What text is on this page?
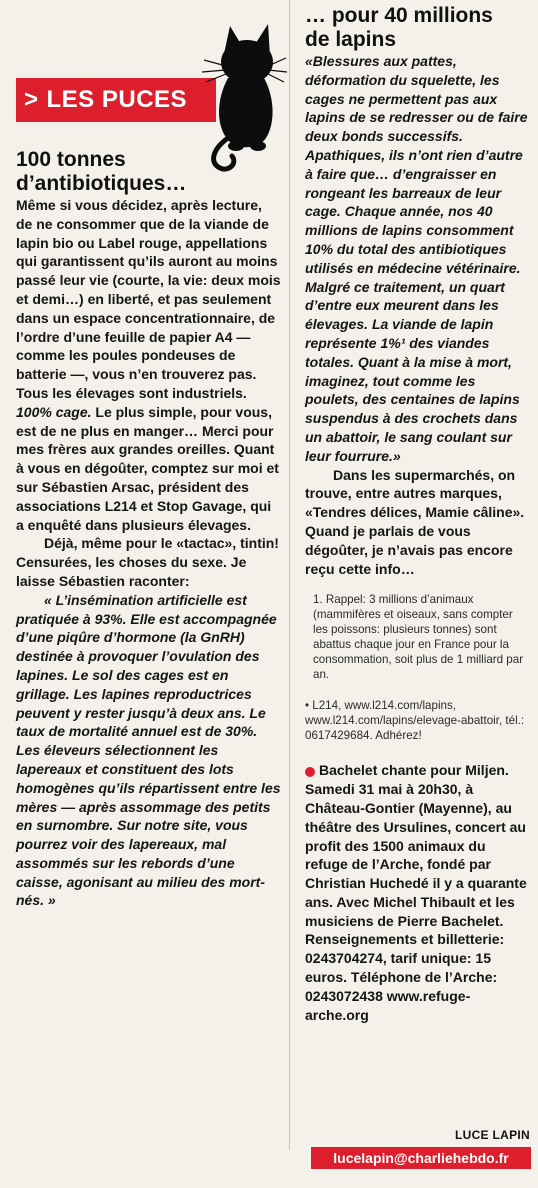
> LES PUCES
100 tonnes
d’antibiotiques…

Même si vous décidez, après lecture, de ne consommer que de la viande de lapin bio ou Label rouge, appellations qui garantissent qu’ils auront au moins passé leur vie (courte, la vie: deux mois et demi…) en liberté, et pas seulement dans un espace concentrationnaire, de l’ordre d’une feuille de papier A4 — comme les poules pondeuses de batterie —, vous n’en trouverez pas. Tous les élevages sont industriels. 100% cage. Le plus simple, pour vous, est de ne plus en manger… Merci pour mes frères aux grandes oreilles. Quant à vous en dégoûter, comptez sur moi et sur Sébastien Arsac, président des associations L214 et Stop Gavage, qui a enquêté dans plusieurs élevages.

Déjà, même pour le «tactac», tintin! Censurées, les choses du sexe. Je laisse Sébastien raconter:

« L’insémination artificielle est pratiquée à 93%. Elle est accompagnée d’une piqûre d’hormone (la GnRH) destinée à provoquer l’ovulation des lapines. Le sol des cages est en grillage. Les lapines reproductrices peuvent y rester jusqu’à deux ans. Le taux de mortalité annuel est de 30%. Les éleveurs sélectionnent les lapereaux et constituent des lots homogènes qu’ils répartissent entre les mères — après assommage des petits en surnombre. Sur notre site, vous pourrez voir des lapereaux, mal assommés sur les rebords d’une caisse, agonisant au milieu des mort-nés. »

… pour 40 millions
de lapins

«Blessures aux pattes, déformation du squelette, les cages ne permettent pas aux lapins de se redresser ou de faire deux bonds successifs. Apathiques, ils n’ont rien d’autre à faire que… d’engraisser en rongeant les barreaux de leur cage. Chaque année, nos 40 millions de lapins consomment 10% du total des antibiotiques utilisés en médecine vétérinaire. Malgré ce traitement, un quart d’entre eux meurent dans les élevages. La viande de lapin représente 1%¹ des viandes totales. Quant à la mise à mort, imaginez, tout comme les poulets, des centaines de lapins suspendus à des crochets dans un abattoir, le sang coulant sur leur fourrure.»

Dans les supermarchés, on trouve, entre autres marques, «Tendres délices, Mamie câline». Quand je parlais de vous dégoûter, je n’avais pas encore reçu cette info…

1. Rappel: 3 millions d’animaux (mammifères et oiseaux, sans compter les poissons: plusieurs tonnes) sont abattus chaque jour en France pour la consommation, soit plus de 1 milliard par an.

• L214, www.l214.com/lapins, www.l214.com/lapins/elevage-abattoir, tél.: 0617429684. Adhérez!

Bachelet chante pour Miljen. Samedi 31 mai à 20h30, à Château-Gontier (Mayenne), au théâtre des Ursulines, concert au profit des 1500 animaux du refuge de l’Arche, fondé par Christian Huchedé il y a quarante ans. Avec Michel Thibault et les musiciens de Pierre Bachelet. Renseignements et billetterie: 0243704274, tarif unique: 15 euros. Téléphone de l’Arche: 0243072438 www.refuge-arche.org

LUCE LAPIN
lucelapin@charliehebdo.fr
